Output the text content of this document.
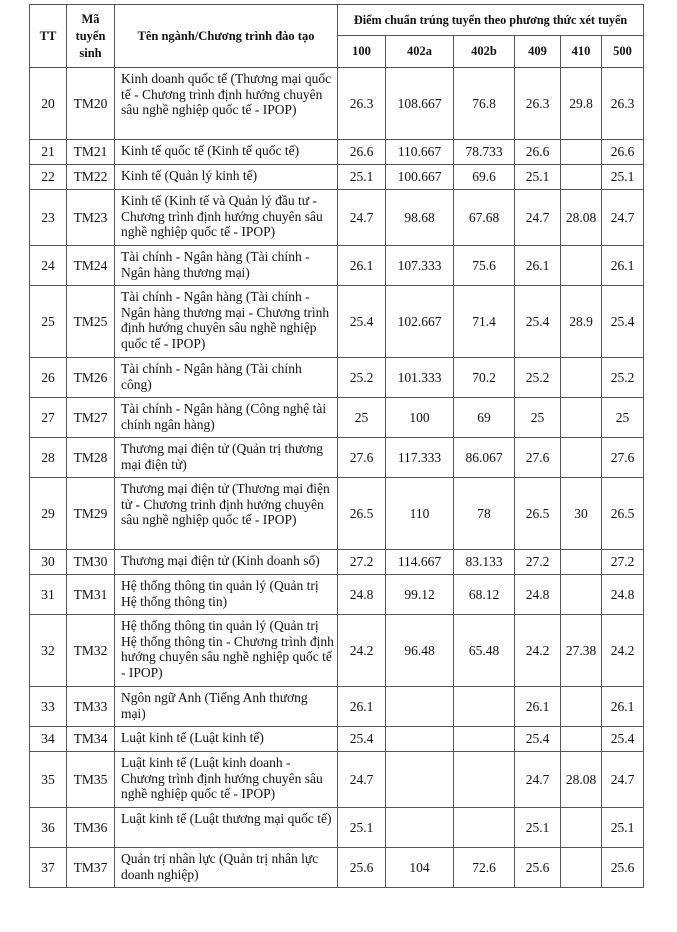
TT	Mã
tuyển
sinh	Tên ngành/Chương trình đào tạo	Điểm chuẩn trúng tuyển theo phương thức xét tuyển					
			100	402a	402b	409	410	500
20	TM20	Kinh doanh quốc tế (Thương mại quốc tế - Chương trình định hướng chuyên sâu nghề nghiệp quốc tế - IPOP)	26.3	108.667	76.8	26.3	29.8	26.3
21	TM21	Kinh tế quốc tế (Kinh tế quốc tế)	26.6	110.667	78.733	26.6		26.6
22	TM22	Kinh tế (Quản lý kinh tế)	25.1	100.667	69.6	25.1		25.1
23	TM23	Kinh tế (Kinh tế và Quản lý đầu tư - Chương trình định hướng chuyên sâu nghề nghiệp quốc tế - IPOP)	24.7	98.68	67.68	24.7	28.08	24.7
24	TM24	Tài chính - Ngân hàng (Tài chính - Ngân hàng thương mại)	26.1	107.333	75.6	26.1		26.1
25	TM25	Tài chính - Ngân hàng (Tài chính - Ngân hàng thương mại - Chương trình định hướng chuyên sâu nghề nghiệp quốc tế - IPOP)	25.4	102.667	71.4	25.4	28.9	25.4
26	TM26	Tài chính - Ngân hàng (Tài chính công)	25.2	101.333	70.2	25.2		25.2
27	TM27	Tài chính - Ngân hàng (Công nghệ tài chính ngân hàng)	25	100	69	25		25
28	TM28	Thương mại điện tử (Quản trị thương mại điện tử)	27.6	117.333	86.067	27.6		27.6
29	TM29	Thương mại điện tử (Thương mại điện tử - Chương trình định hướng chuyên sâu nghề nghiệp quốc tế - IPOP)	26.5	110	78	26.5	30	26.5
30	TM30	Thương mại điện tử (Kinh doanh số)	27.2	114.667	83.133	27.2		27.2
31	TM31	Hệ thống thông tin quản lý (Quản trị Hệ thống thông tin)	24.8	99.12	68.12	24.8		24.8
32	TM32	Hệ thống thông tin quản lý (Quản trị Hệ thống thông tin - Chương trình định hướng chuyên sâu nghề nghiệp quốc tế - IPOP)	24.2	96.48	65.48	24.2	27.38	24.2
33	TM33	Ngôn ngữ Anh (Tiếng Anh thương mại)	26.1			26.1		26.1
34	TM34	Luật kinh tế (Luật kinh tế)	25.4			25.4		25.4
35	TM35	Luật kinh tế (Luật kinh doanh - Chương trình định hướng chuyên sâu nghề nghiệp quốc tế - IPOP)	24.7			24.7	28.08	24.7
36	TM36	Luật kinh tế (Luật thương mại quốc tế)	25.1			25.1		25.1
37	TM37	Quản trị nhân lực (Quản trị nhân lực doanh nghiệp)	25.6	104	72.6	25.6		25.6
